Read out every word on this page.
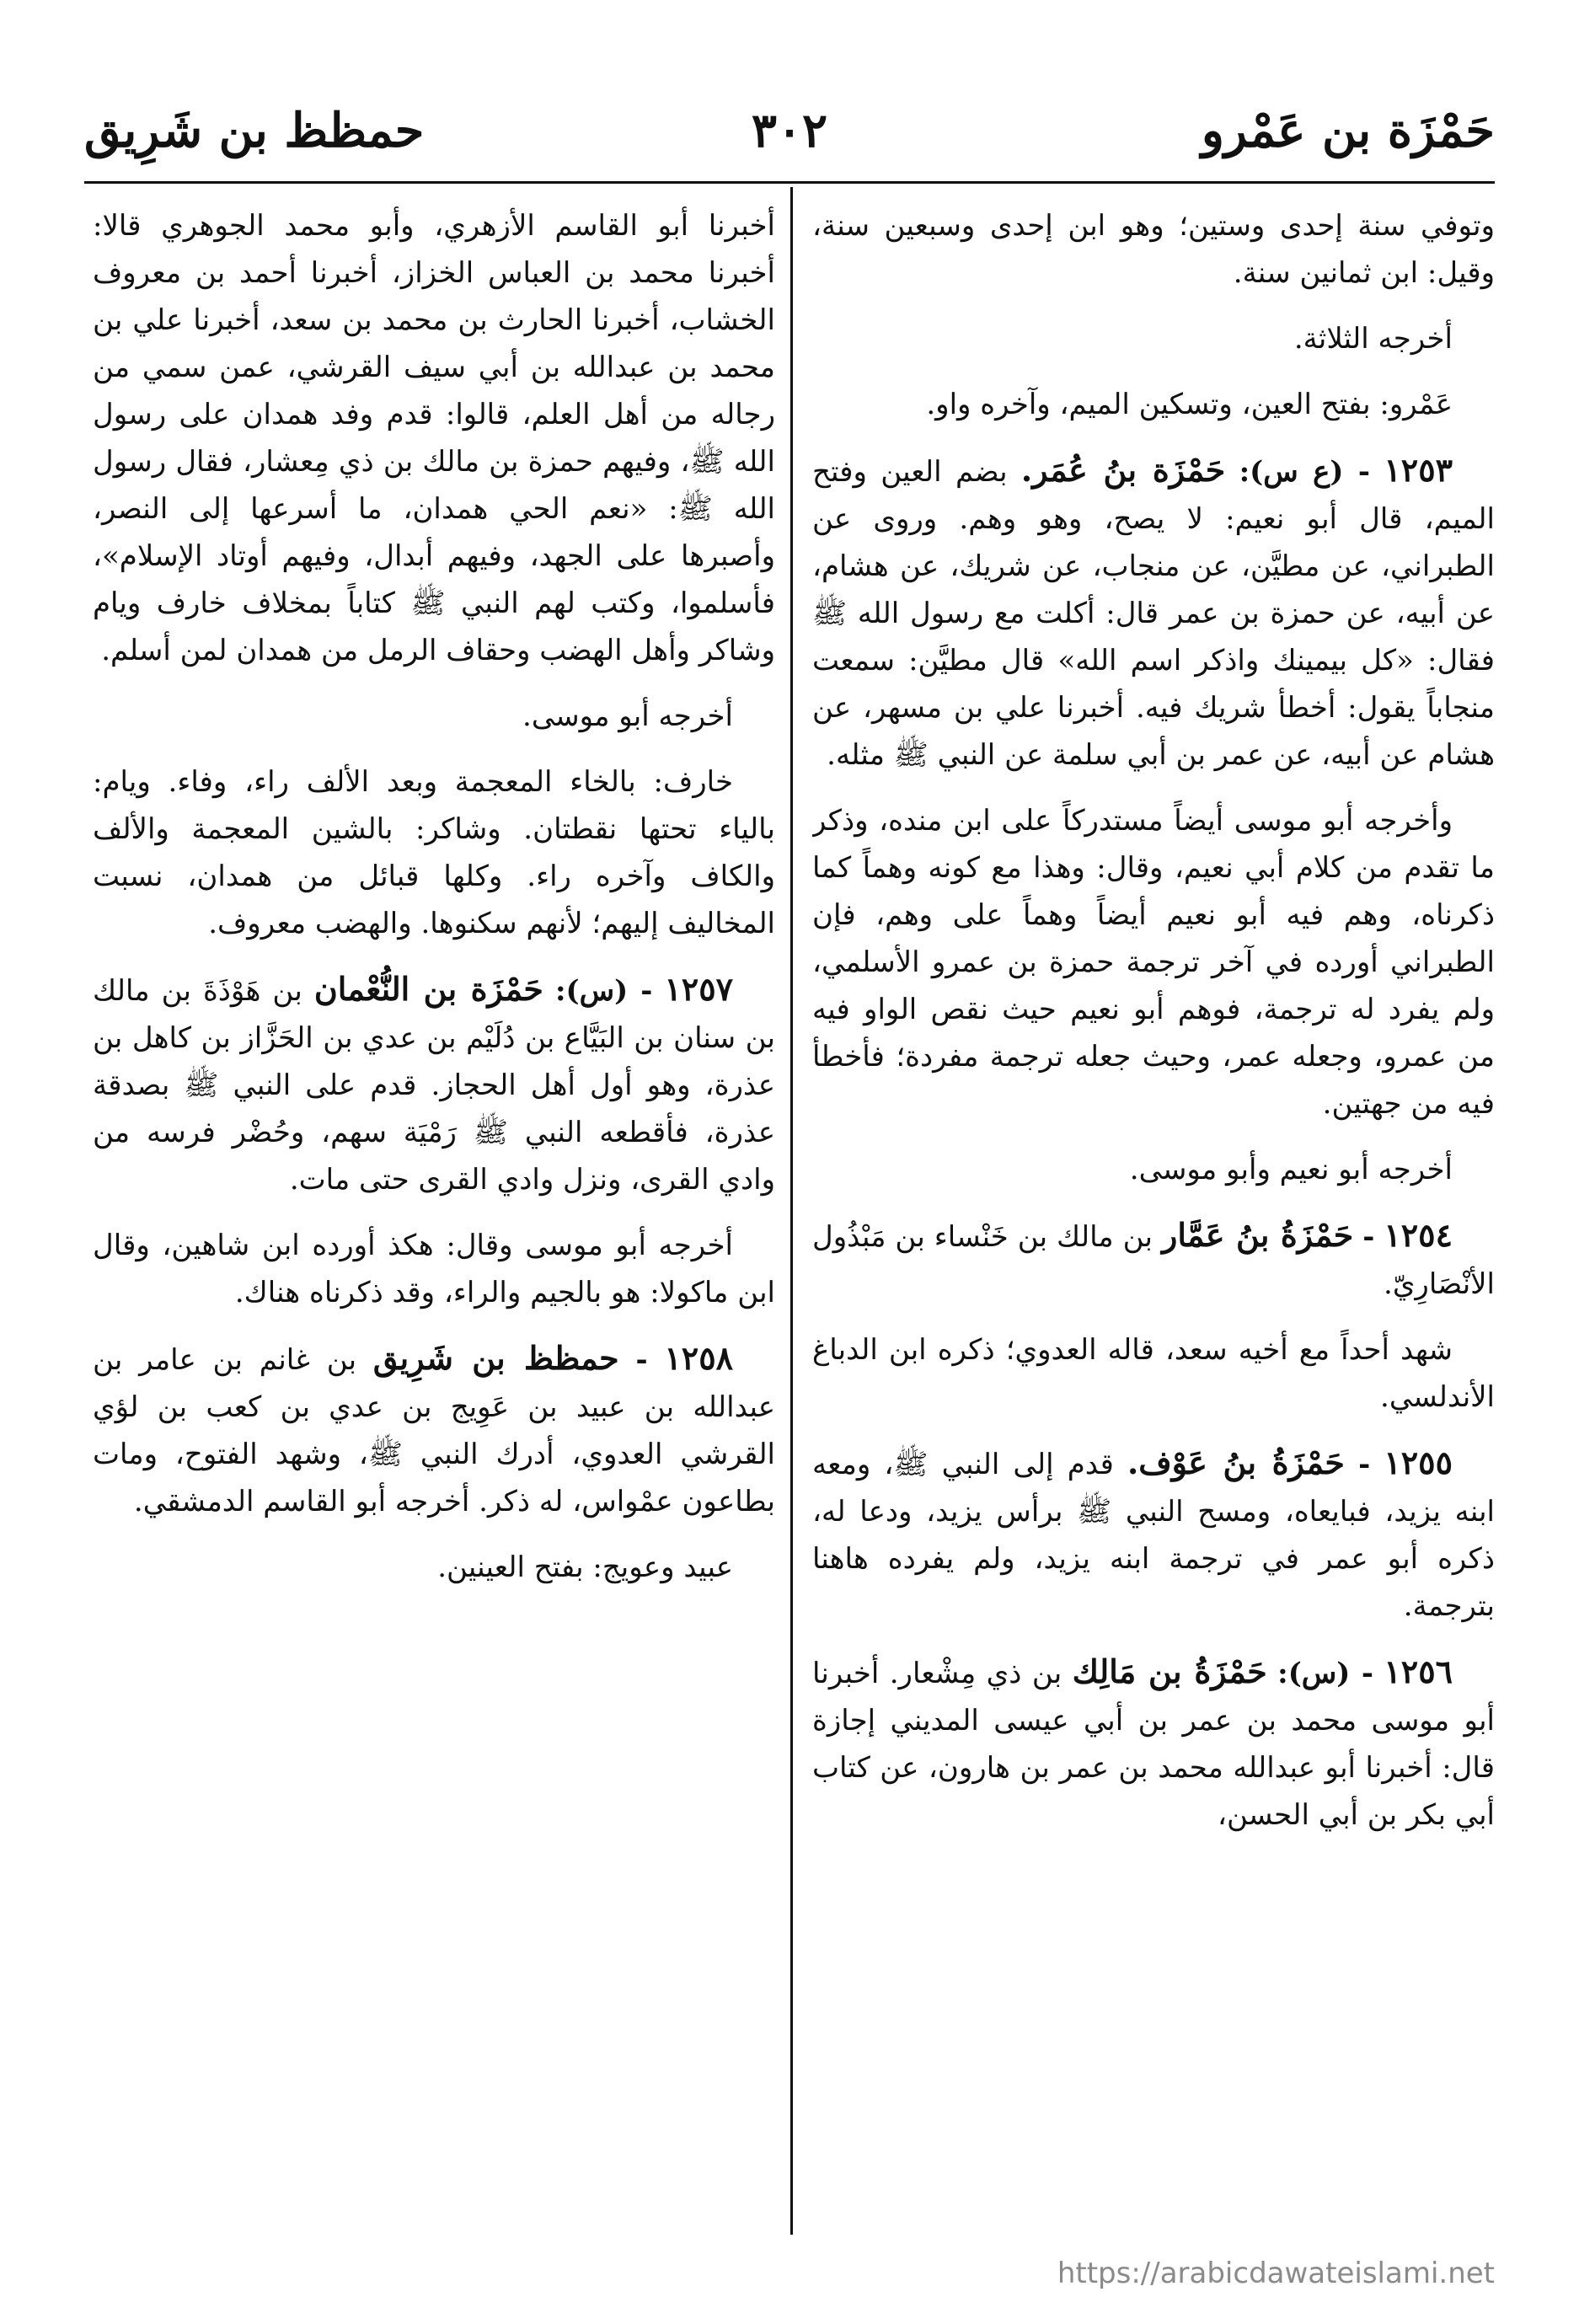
حَمْزَة بن عَمْرو
٣٠٢
حمظظ بن شَرِيق

وتوفي سنة إحدى وستين؛ وهو ابن إحدى وسبعين سنة، وقيل: ابن ثمانين سنة.

أخرجه الثلاثة.

عَمْرو: بفتح العين، وتسكين الميم، وآخره واو.

١٢٥٣ - (ع س): حَمْزَة بنُ عُمَر. بضم العين وفتح الميم، قال أبو نعيم: لا يصح، وهو وهم. وروى عن الطبراني، عن مطيَّن، عن منجاب، عن شريك، عن هشام، عن أبيه، عن حمزة بن عمر قال: أكلت مع رسول الله ﷺ فقال: «كل بيمينك واذكر اسم الله» قال مطيَّن: سمعت منجاباً يقول: أخطأ شريك فيه. أخبرنا علي بن مسهر، عن هشام عن أبيه، عن عمر بن أبي سلمة عن النبي ﷺ مثله.

وأخرجه أبو موسى أيضاً مستدركاً على ابن منده، وذكر ما تقدم من كلام أبي نعيم، وقال: وهذا مع كونه وهماً كما ذكرناه، وهم فيه أبو نعيم أيضاً وهماً على وهم، فإن الطبراني أورده في آخر ترجمة حمزة بن عمرو الأسلمي، ولم يفرد له ترجمة، فوهم أبو نعيم حيث نقص الواو فيه من عمرو، وجعله عمر، وحيث جعله ترجمة مفردة؛ فأخطأ فيه من جهتين.

أخرجه أبو نعيم وأبو موسى.

١٢٥٤ - حَمْزَةُ بنُ عَمَّار بن مالك بن خَنْساء بن مَبْذُول الأنْصَارِيّ.

شهد أحداً مع أخيه سعد، قاله العدوي؛ ذكره ابن الدباغ الأندلسي.

١٢٥٥ - حَمْزَةُ بنُ عَوْف. قدم إلى النبي ﷺ، ومعه ابنه يزيد، فبايعاه، ومسح النبي ﷺ برأس يزيد، ودعا له، ذكره أبو عمر في ترجمة ابنه يزيد، ولم يفرده هاهنا بترجمة.

١٢٥٦ - (س): حَمْزَةُ بن مَالِك بن ذي مِشْعار. أخبرنا أبو موسى محمد بن عمر بن أبي عيسى المديني إجازة قال: أخبرنا أبو عبدالله محمد بن عمر بن هارون، عن كتاب أبي بكر بن أبي الحسن،

أخبرنا أبو القاسم الأزهري، وأبو محمد الجوهري قالا: أخبرنا محمد بن العباس الخزاز، أخبرنا أحمد بن معروف الخشاب، أخبرنا الحارث بن محمد بن سعد، أخبرنا علي بن محمد بن عبدالله بن أبي سيف القرشي، عمن سمي من رجاله من أهل العلم، قالوا: قدم وفد همدان على رسول الله ﷺ، وفيهم حمزة بن مالك بن ذي مِعشار، فقال رسول الله ﷺ: «نعم الحي همدان، ما أسرعها إلى النصر، وأصبرها على الجهد، وفيهم أبدال، وفيهم أوتاد الإسلام»، فأسلموا، وكتب لهم النبي ﷺ كتاباً بمخلاف خارف ويام وشاكر وأهل الهضب وحقاف الرمل من همدان لمن أسلم.

أخرجه أبو موسى.

خارف: بالخاء المعجمة وبعد الألف راء، وفاء. ويام: بالياء تحتها نقطتان. وشاكر: بالشين المعجمة والألف والكاف وآخره راء. وكلها قبائل من همدان، نسبت المخاليف إليهم؛ لأنهم سكنوها. والهضب معروف.

١٢٥٧ - (س): حَمْزَة بن النُّعْمان بن هَوْذَةَ بن مالك بن سنان بن البَيَّاع بن دُلَيْم بن عدي بن الحَزَّاز بن كاهل بن عذرة، وهو أول أهل الحجاز. قدم على النبي ﷺ بصدقة عذرة، فأقطعه النبي ﷺ رَمْيَة سهم، وحُضْر فرسه من وادي القرى، ونزل وادي القرى حتى مات.

أخرجه أبو موسى وقال: هكذ أورده ابن شاهين، وقال ابن ماكولا: هو بالجيم والراء، وقد ذكرناه هناك.

١٢٥٨ - حمظظ بن شَرِيق بن غانم بن عامر بن عبدالله بن عبيد بن عَوِيج بن عدي بن كعب بن لؤي القرشي العدوي، أدرك النبي ﷺ، وشهد الفتوح، ومات بطاعون عمْواس، له ذكر. أخرجه أبو القاسم الدمشقي.

عبيد وعويج: بفتح العينين.

https://arabicdawateislami.net
